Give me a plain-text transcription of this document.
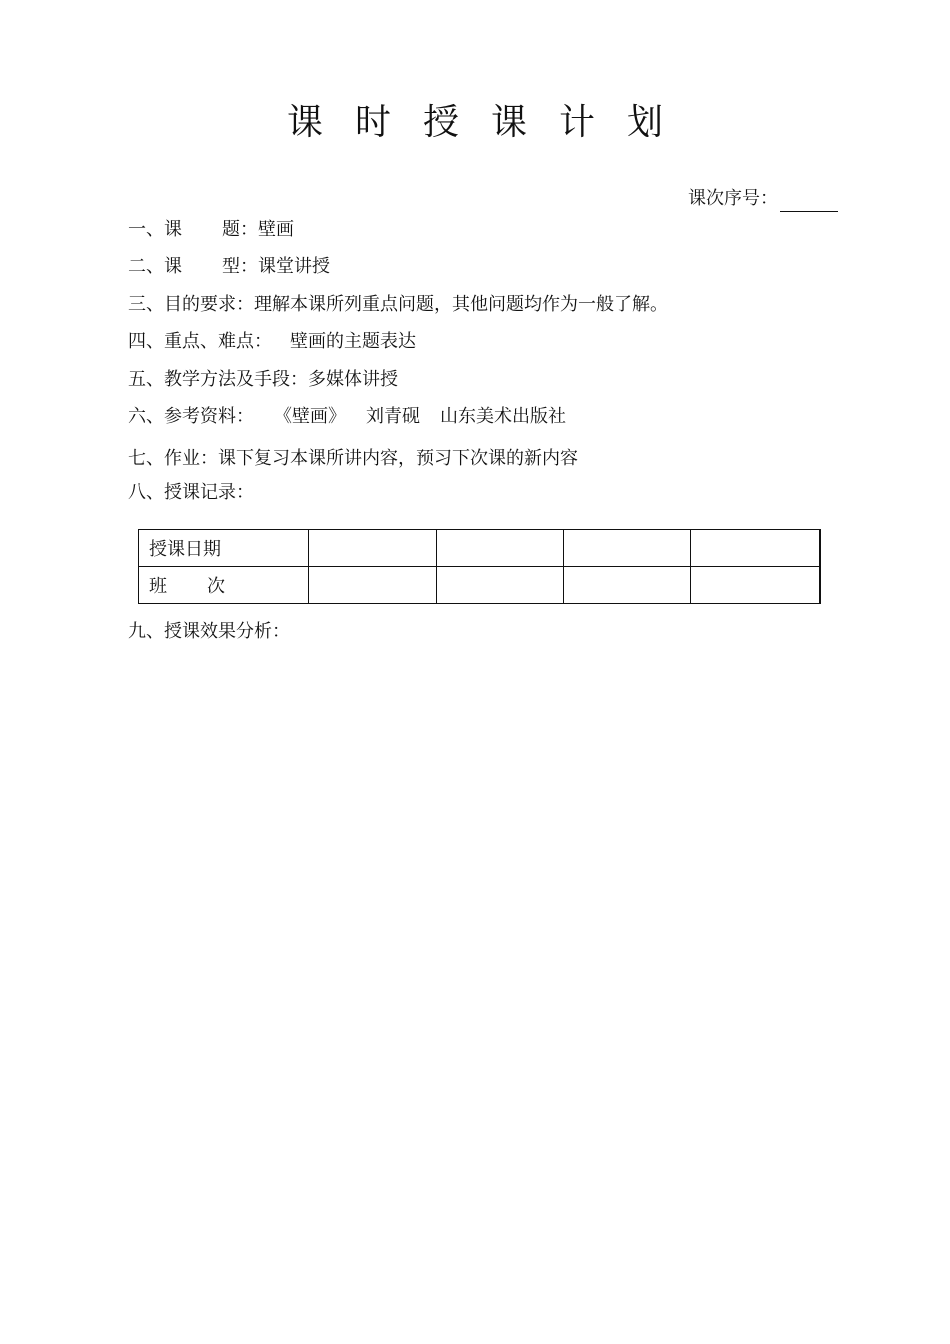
课 时 授 课 计 划
课次序号：
一、课 题：壁画
二、课 型：课堂讲授
三、目的要求：理解本课所列重点问题，其他问题均作为一般了解。
四、重点、难点： 壁画的主题表达
五、教学方法及手段：多媒体讲授
六、参考资料： 《壁画》 刘青砚 山东美术出版社
七、作业：课下复习本课所讲内容，预习下次课的新内容
八、授课记录：
授课日期				
班 次				
九、授课效果分析：
